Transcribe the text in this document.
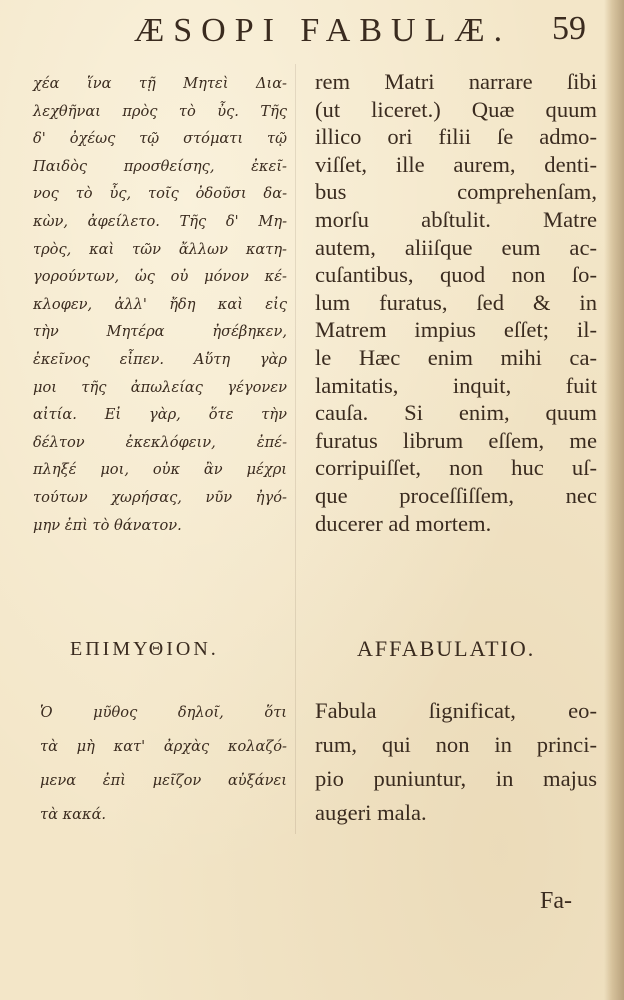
ÆSOPI FABULÆ. 59
χέα ἵνα τῇ Μητεὶ Δια-
λεχθῆναι πρὸς τὸ ὖς. Τῆς
δ' ὀχέως τῷ στόματι τῷ
Παιδὸς προσθείσης, ἐκεῖ-
νος τὸ ὖς, τοῖς ὀδοῦσι δα-
κὼν, ἀφείλετο. Τῆς δ' Μη-
τρὸς, καὶ τῶν ἄλλων κατη-
γορούντων, ὡς οὐ μόνον κέ-
κλοφεν, ἀλλ' ἤδη καὶ εἰς
τὴν Μητέρα ἠσέβηκεν,
ἐκεῖνος εἶπεν. Αὕτη γὰρ
μοι τῆς ἀπωλείας γέγονεν
αἰτία. Εἰ γὰρ, ὅτε τὴν
δέλτον ἐκεκλόφειν, ἐπέ-
πληξέ μοι, οὐκ ἂν μέχρι
τούτων χωρήσας, νῦν ἠγό-
μην ἐπὶ τὸ θάνατον.
rem Matri narrare ſibi
(ut liceret.) Quæ quum
illico ori filii ſe admo-
viſſet, ille aurem, denti-
bus comprehenſam,
morſu abſtulit. Matre
autem, aliiſque eum ac-
cuſantibus, quod non ſo-
lum furatus, ſed & in
Matrem impius eſſet; il-
le Hæc enim mihi ca-
lamitatis, inquit, fuit
cauſa. Si enim, quum
furatus librum eſſem, me
corripuiſſet, non huc uſ-
que proceſſiſſem, nec
ducerer ad mortem.
ΕΠΙΜΥΘΙΟΝ.	AFFABULATIO.
Ὁ μῦθος δηλοῖ, ὅτι
τὰ μὴ κατ' ἀρχὰς κολαζό-
μενα ἐπὶ μεῖζον αὐξάνει
τὰ κακά.
Fabula ſignificat, eo-
rum, qui non in princi-
pio puniuntur, in majus
augeri mala.
Fa-
